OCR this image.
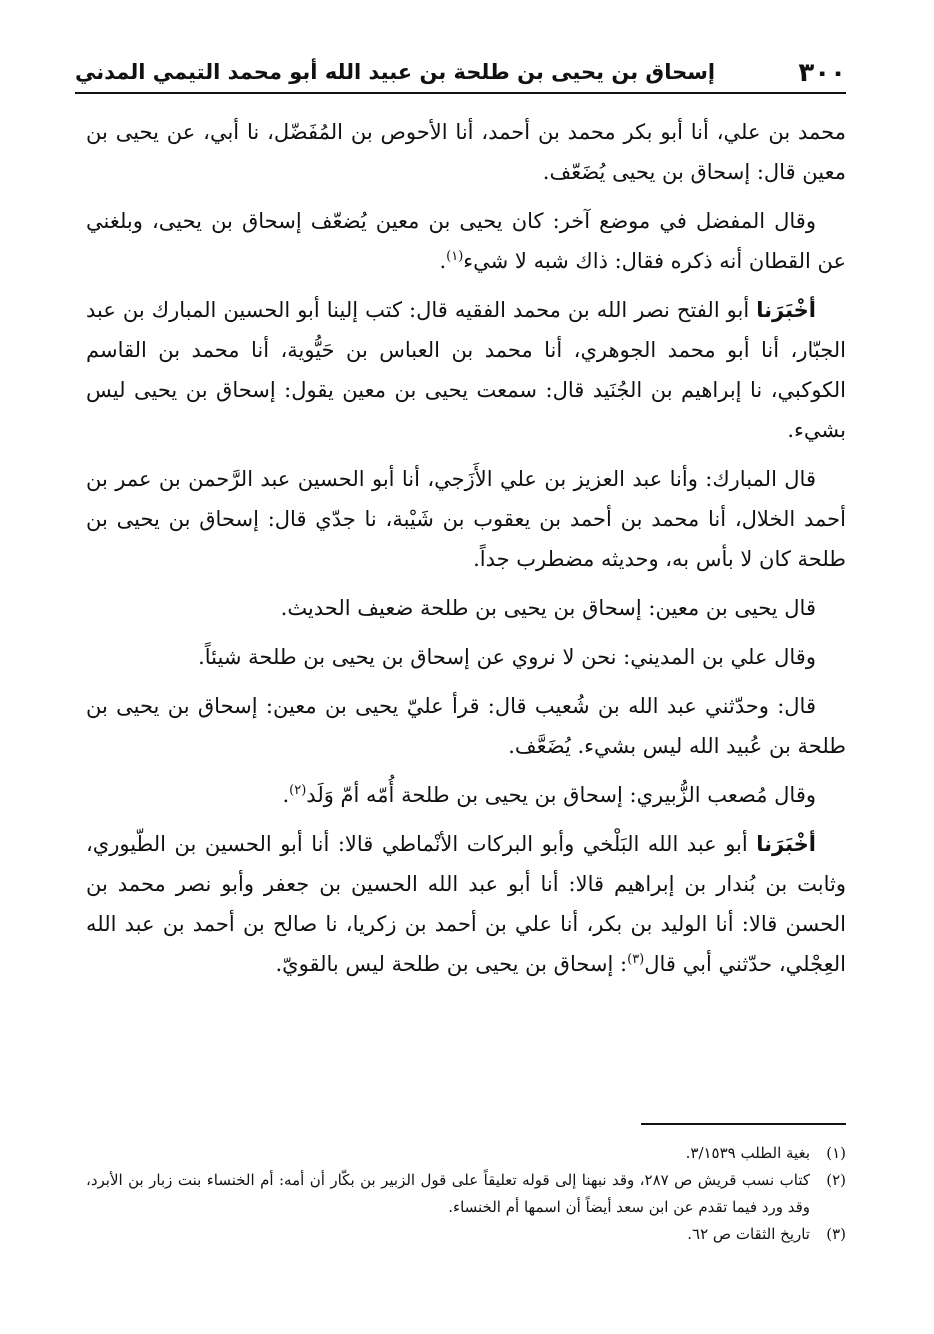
٣٠٠
إسحاق بن يحيى بن طلحة بن عبيد الله أبو محمد التيمي المدني

محمد بن علي، أنا أبو بكر محمد بن أحمد، أنا الأحوص بن المُفَضّل، نا أبي، عن يحيى بن معين قال: إسحاق بن يحيى يُضَعّف.

وقال المفضل في موضع آخر: كان يحيى بن معين يُضعّف إسحاق بن يحيى، وبلغني عن القطان أنه ذكره فقال: ذاك شبه لا شيء$^{(١)}$.

أخْبَرَنا أبو الفتح نصر الله بن محمد الفقيه قال: كتب إلينا أبو الحسين المبارك بن عبد الجبّار، أنا أبو محمد الجوهري، أنا محمد بن العباس بن حَيُّوية، أنا محمد بن القاسم الكوكبي، نا إبراهيم بن الجُنَيد قال: سمعت يحيى بن معين يقول: إسحاق بن يحيى ليس بشيء.

قال المبارك: وأنا عبد العزيز بن علي الأَزَجي، أنا أبو الحسين عبد الرَّحمن بن عمر بن أحمد الخلال، أنا محمد بن أحمد بن يعقوب بن شَيْبة، نا جدّي قال: إسحاق بن يحيى بن طلحة كان لا بأس به، وحديثه مضطرب جداً.

قال يحيى بن معين: إسحاق بن يحيى بن طلحة ضعيف الحديث.

وقال علي بن المديني: نحن لا نروي عن إسحاق بن يحيى بن طلحة شيئاً.

قال: وحدّثني عبد الله بن شُعيب قال: قرأ عليّ يحيى بن معين: إسحاق بن يحيى بن طلحة بن عُبيد الله ليس بشيء. يُضَعَّف.

وقال مُصعب الزُّبيري: إسحاق بن يحيى بن طلحة أُمّه أمّ وَلَد$^{(٢)}$.

أخْبَرَنا أبو عبد الله البَلْخي وأبو البركات الأنْماطي قالا: أنا أبو الحسين بن الطّيوري، وثابت بن بُندار بن إبراهيم قالا: أنا أبو عبد الله الحسين بن جعفر وأبو نصر محمد بن الحسن قالا: أنا الوليد بن بكر، أنا علي بن أحمد بن زكريا، نا صالح بن أحمد بن عبد الله العِجْلي، حدّثني أبي قال$^{(٣)}$: إسحاق بن يحيى بن طلحة ليس بالقويّ.

(١)
بغية الطلب ٣/١٥٣٩.
(٢)
كتاب نسب قريش ص ٢٨٧، وقد نبهنا إلى قوله تعليقاً على قول الزبير بن بكّار أن أمه: أم الخنساء بنت زبار بن الأبرد، وقد ورد فيما تقدم عن ابن سعد أيضاً أن اسمها أم الخنساء.
(٣)
تاريخ الثقات ص ٦٢.
